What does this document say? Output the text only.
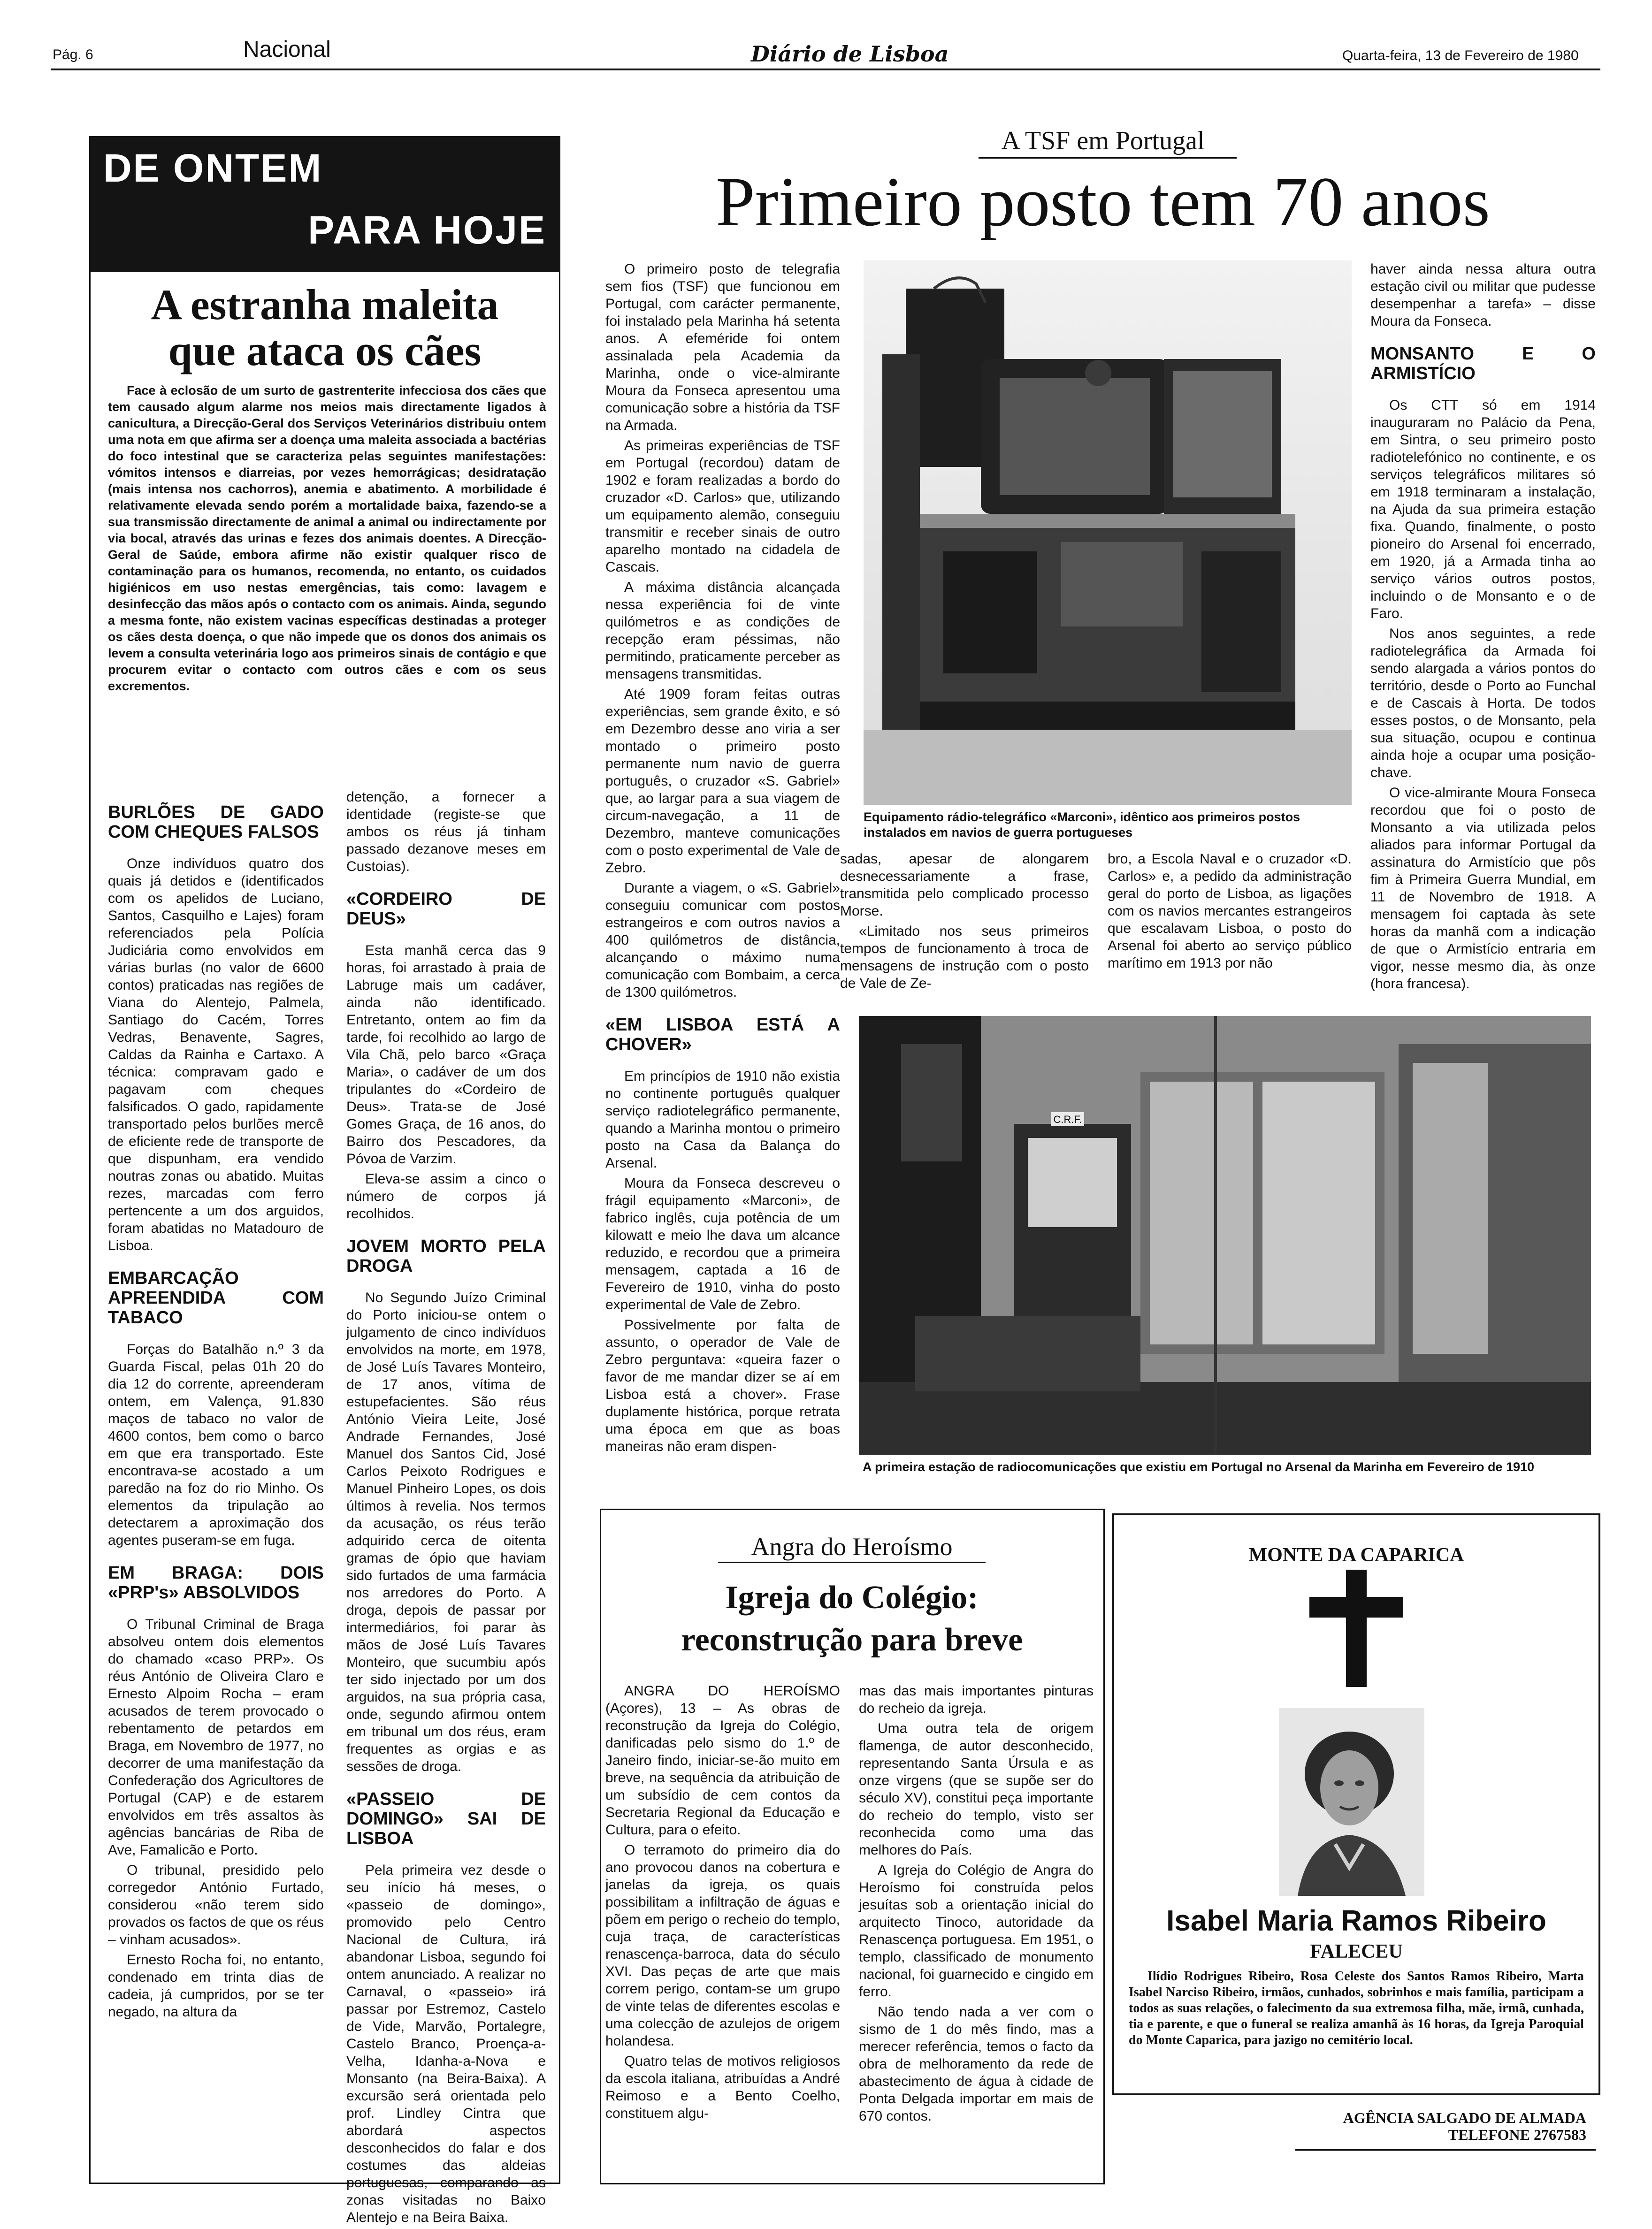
Pág. 6	Nacional	Diário de Lisboa	Quarta-feira, 13 de Fevereiro de 1980
DE ONTEM
PARA HOJE
A estranha maleita
que ataca os cães
Face à eclosão de um surto de gastrenterite infecciosa dos cães que tem causado algum alarme nos meios mais directamente ligados à canicultura, a Direcção-Geral dos Serviços Veterinários distribuiu ontem uma nota em que afirma ser a doença uma maleita associada a bactérias do foco intestinal que se caracteriza pelas seguintes manifestações: vómitos intensos e diarreias, por vezes hemorrágicas; desidratação (mais intensa nos cachorros), anemia e abatimento. A morbilidade é relativamente elevada sendo porém a mortalidade baixa, fazendo-se a sua transmissão directamente de animal a animal ou indirectamente por via bocal, através das urinas e fezes dos animais doentes. A Direcção-Geral de Saúde, embora afirme não existir qualquer risco de contaminação para os humanos, recomenda, no entanto, os cuidados higiénicos em uso nestas emergências, tais como: lavagem e desinfecção das mãos após o contacto com os animais. Ainda, segundo a mesma fonte, não existem vacinas específicas destinadas a proteger os cães desta doença, o que não impede que os donos dos animais os levem a consulta veterinária logo aos primeiros sinais de contágio e que procurem evitar o contacto com outros cães e com os seus excrementos.
BURLÕES DE GADO COM CHEQUES FALSOS

Onze indivíduos quatro dos quais já detidos e (identificados com os apelidos de Luciano, Santos, Casquilho e Lajes) foram referenciados pela Polícia Judiciária como envolvidos em várias burlas (no valor de 6600 contos) praticadas nas regiões de Viana do Alentejo, Palmela, Santiago do Cacém, Torres Vedras, Benavente, Sagres, Caldas da Rainha e Cartaxo. A técnica: compravam gado e pagavam com cheques falsificados. O gado, rapidamente transportado pelos burlões mercê de eficiente rede de transporte de que dispunham, era vendido noutras zonas ou abatido. Muitas rezes, marcadas com ferro pertencente a um dos arguidos, foram abatidas no Matadouro de Lisboa.

EMBARCAÇÃO APREENDIDA COM TABACO

Forças do Batalhão n.º 3 da Guarda Fiscal, pelas 01h 20 do dia 12 do corrente, apreenderam ontem, em Valença, 91.830 maços de tabaco no valor de 4600 contos, bem como o barco em que era transportado. Este encontrava-se acostado a um paredão na foz do rio Minho. Os elementos da tripulação ao detectarem a aproximação dos agentes puseram-se em fuga.

EM BRAGA: DOIS «PRP's» ABSOLVIDOS

O Tribunal Criminal de Braga absolveu ontem dois elementos do chamado «caso PRP». Os réus António de Oliveira Claro e Ernesto Alpoim Rocha – eram acusados de terem provocado o rebentamento de petardos em Braga, em Novembro de 1977, no decorrer de uma manifestação da Confederação dos Agricultores de Portugal (CAP) e de estarem envolvidos em três assaltos às agências bancárias de Riba de Ave, Famalicão e Porto.

O tribunal, presidido pelo corregedor António Furtado, considerou «não terem sido provados os factos de que os réus – vinham acusados».

Ernesto Rocha foi, no entanto, condenado em trinta dias de cadeia, já cumpridos, por se ter negado, na altura da

detenção, a fornecer a identidade (registe-se que ambos os réus já tinham passado dezanove meses em Custoias).

«CORDEIRO DE DEUS»

Esta manhã cerca das 9 horas, foi arrastado à praia de Labruge mais um cadáver, ainda não identificado. Entretanto, ontem ao fim da tarde, foi recolhido ao largo de Vila Chã, pelo barco «Graça Maria», o cadáver de um dos tripulantes do «Cordeiro de Deus». Trata-se de José Gomes Graça, de 16 anos, do Bairro dos Pescadores, da Póvoa de Varzim.

Eleva-se assim a cinco o número de corpos já recolhidos.

JOVEM MORTO PELA DROGA

No Segundo Juízo Criminal do Porto iniciou-se ontem o julgamento de cinco indivíduos envolvidos na morte, em 1978, de José Luís Tavares Monteiro, de 17 anos, vítima de estupefacientes. São réus António Vieira Leite, José Andrade Fernandes, José Manuel dos Santos Cid, José Carlos Peixoto Rodrigues e Manuel Pinheiro Lopes, os dois últimos à revelia. Nos termos da acusação, os réus terão adquirido cerca de oitenta gramas de ópio que haviam sido furtados de uma farmácia nos arredores do Porto. A droga, depois de passar por intermediários, foi parar às mãos de José Luís Tavares Monteiro, que sucumbiu após ter sido injectado por um dos arguidos, na sua própria casa, onde, segundo afirmou ontem em tribunal um dos réus, eram frequentes as orgias e as sessões de droga.

«PASSEIO DE DOMINGO» SAI DE LISBOA

Pela primeira vez desde o seu início há meses, o «passeio de domingo», promovido pelo Centro Nacional de Cultura, irá abandonar Lisboa, segundo foi ontem anunciado. A realizar no Carnaval, o «passeio» irá passar por Estremoz, Castelo de Vide, Marvão, Portalegre, Castelo Branco, Proença-a-Velha, Idanha-a-Nova e Monsanto (na Beira-Baixa). A excursão será orientada pelo prof. Lindley Cintra que abordará aspectos desconhecidos do falar e dos costumes das aldeias portuguesas, comparando as zonas visitadas no Baixo Alentejo e na Beira Baixa.

A TSF em Portugal
Primeiro posto tem 70 anos

O primeiro posto de telegrafia sem fios (TSF) que funcionou em Portugal, com carácter permanente, foi instalado pela Marinha há setenta anos. A efeméride foi ontem assinalada pela Academia da Marinha, onde o vice-almirante Moura da Fonseca apresentou uma comunicação sobre a história da TSF na Armada.

As primeiras experiências de TSF em Portugal (recordou) datam de 1902 e foram realizadas a bordo do cruzador «D. Carlos» que, utilizando um equipamento alemão, conseguiu transmitir e receber sinais de outro aparelho montado na cidadela de Cascais.

A máxima distância alcançada nessa experiência foi de vinte quilómetros e as condições de recepção eram péssimas, não permitindo, praticamente perceber as mensagens transmitidas.

Até 1909 foram feitas outras experiências, sem grande êxito, e só em Dezembro desse ano viria a ser montado o primeiro posto permanente num navio de guerra português, o cruzador «S. Gabriel» que, ao largar para a sua viagem de circum-navegação, a 11 de Dezembro, manteve comunicações com o posto experimental de Vale de Zebro.

Durante a viagem, o «S. Gabriel» conseguiu comunicar com postos estrangeiros e com outros navios a 400 quilómetros de distância, alcançando o máximo numa comunicação com Bombaim, a cerca de 1300 quilómetros.

«EM LISBOA ESTÁ A CHOVER»

Em princípios de 1910 não existia no continente português qualquer serviço radiotelegráfico permanente, quando a Marinha montou o primeiro posto na Casa da Balança do Arsenal.

Moura da Fonseca descreveu o frágil equipamento «Marconi», de fabrico inglês, cuja potência de um kilowatt e meio lhe dava um alcance reduzido, e recordou que a primeira mensagem, captada a 16 de Fevereiro de 1910, vinha do posto experimental de Vale de Zebro.

Possivelmente por falta de assunto, o operador de Vale de Zebro perguntava: «queira fazer o favor de me mandar dizer se aí em Lisboa está a chover». Frase duplamente histórica, porque retrata uma época em que as boas maneiras não eram dispen-

Equipamento rádio-telegráfico «Marconi», idêntico aos primeiros postos instalados em navios de guerra portugueses

sadas, apesar de alongarem desnecessariamente a frase, transmitida pelo complicado processo Morse.

«Limitado nos seus primeiros tempos de funcionamento à troca de mensagens de instrução com o posto de Vale de Ze-

bro, a Escola Naval e o cruzador «D. Carlos» e, a pedido da administração geral do porto de Lisboa, as ligações com os navios mercantes estrangeiros que escalavam Lisboa, o posto do Arsenal foi aberto ao serviço público marítimo em 1913 por não

haver ainda nessa altura outra estação civil ou militar que pudesse desempenhar a tarefa» – disse Moura da Fonseca.

MONSANTO E O ARMISTÍCIO

Os CTT só em 1914 inauguraram no Palácio da Pena, em Sintra, o seu primeiro posto radiotelefónico no continente, e os serviços telegráficos militares só em 1918 terminaram a instalação, na Ajuda da sua primeira estação fixa. Quando, finalmente, o posto pioneiro do Arsenal foi encerrado, em 1920, já a Armada tinha ao serviço vários outros postos, incluindo o de Monsanto e o de Faro.

Nos anos seguintes, a rede radiotelegráfica da Armada foi sendo alargada a vários pontos do território, desde o Porto ao Funchal e de Cascais à Horta. De todos esses postos, o de Monsanto, pela sua situação, ocupou e continua ainda hoje a ocupar uma posição-chave.

O vice-almirante Moura Fonseca recordou que foi o posto de Monsanto a via utilizada pelos aliados para informar Portugal da assinatura do Armistício que pôs fim à Primeira Guerra Mundial, em 11 de Novembro de 1918. A mensagem foi captada às sete horas da manhã com a indicação de que o Armistício entraria em vigor, nesse mesmo dia, às onze (hora francesa).

C.R.F.
A primeira estação de radiocomunicações que existiu em Portugal no Arsenal da Marinha em Fevereiro de 1910
Angra do Heroísmo
Igreja do Colégio:
reconstrução para breve

ANGRA DO HEROÍSMO (Açores), 13 – As obras de reconstrução da Igreja do Colégio, danificadas pelo sismo do 1.º de Janeiro findo, iniciar-se-ão muito em breve, na sequência da atribuição de um subsídio de cem contos da Secretaria Regional da Educação e Cultura, para o efeito.

O terramoto do primeiro dia do ano provocou danos na cobertura e janelas da igreja, os quais possibilitam a infiltração de águas e põem em perigo o recheio do templo, cuja traça, de características renascença-barroca, data do século XVI. Das peças de arte que mais correm perigo, contam-se um grupo de vinte telas de diferentes escolas e uma colecção de azulejos de origem holandesa.

Quatro telas de motivos religiosos da escola italiana, atribuídas a André Reimoso e a Bento Coelho, constituem algu-

mas das mais importantes pinturas do recheio da igreja.

Uma outra tela de origem flamenga, de autor desconhecido, representando Santa Úrsula e as onze virgens (que se supõe ser do século XV), constitui peça importante do recheio do templo, visto ser reconhecida como uma das melhores do País.

A Igreja do Colégio de Angra do Heroísmo foi construída pelos jesuítas sob a orientação inicial do arquitecto Tinoco, autoridade da Renascença portuguesa. Em 1951, o templo, classificado de monumento nacional, foi guarnecido e cingido em ferro.

Não tendo nada a ver com o sismo de 1 do mês findo, mas a merecer referência, temos o facto da obra de melhoramento da rede de abastecimento de água à cidade de Ponta Delgada importar em mais de 670 contos.

MONTE DA CAPARICA
Isabel Maria Ramos Ribeiro
FALECEU
Ilídio Rodrigues Ribeiro, Rosa Celeste dos Santos Ramos Ribeiro, Marta Isabel Narciso Ribeiro, irmãos, cunhados, sobrinhos e mais família, participam a todos as suas relações, o falecimento da sua extremosa filha, mãe, irmã, cunhada, tia e parente, e que o funeral se realiza amanhã às 16 horas, da Igreja Paroquial do Monte Caparica, para jazigo no cemitério local.
AGÊNCIA SALGADO DE ALMADA
TELEFONE 2767583
